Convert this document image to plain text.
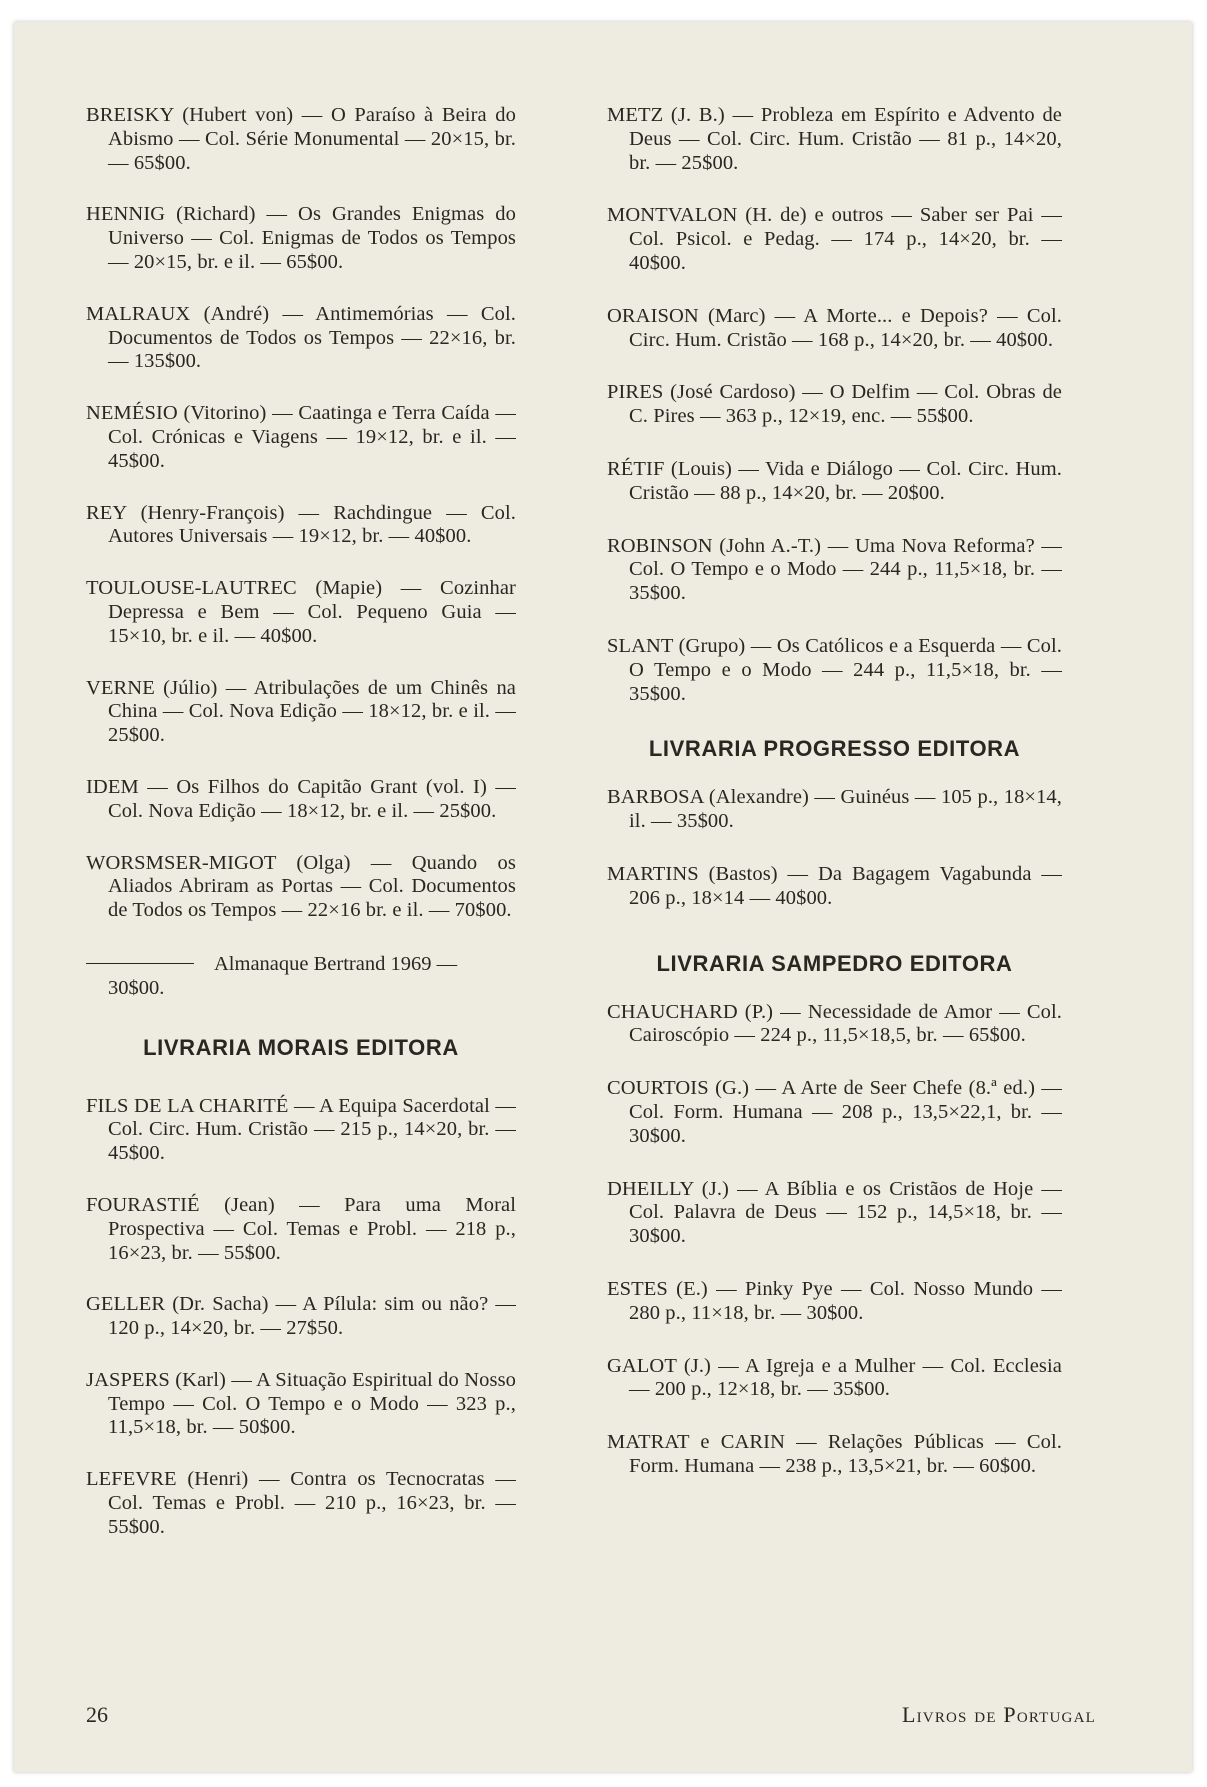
BREISKY (Hubert von) — O Paraíso à Beira do Abismo — Col. Série Monumental — 20×15, br. — 65$00.

HENNIG (Richard) — Os Grandes Enigmas do Universo — Col. Enigmas de Todos os Tempos — 20×15, br. e il. — 65$00.

MALRAUX (André) — Antimemórias — Col. Documentos de Todos os Tempos — 22×16, br. — 135$00.

NEMÉSIO (Vitorino) — Caatinga e Terra Caída — Col. Crónicas e Viagens — 19×12, br. e il. — 45$00.

REY (Henry-François) — Rachdingue — Col. Autores Universais — 19×12, br. — 40$00.

TOULOUSE-LAUTREC (Mapie) — Cozinhar Depressa e Bem — Col. Pequeno Guia — 15×10, br. e il. — 40$00.

VERNE (Júlio) — Atribulações de um Chinês na China — Col. Nova Edição — 18×12, br. e il. — 25$00.

IDEM — Os Filhos do Capitão Grant (vol. I) — Col. Nova Edição — 18×12, br. e il. — 25$00.

WORSMSER-MIGOT (Olga) — Quando os Aliados Abriram as Portas — Col. Documentos de Todos os Tempos — 22×16 br. e il. — 70$00.

Almanaque Bertrand 1969 —
30$00.
LIVRARIA MORAIS EDITORA

FILS DE LA CHARITÉ — A Equipa Sacerdotal — Col. Circ. Hum. Cristão — 215 p., 14×20, br. — 45$00.

FOURASTIÉ (Jean) — Para uma Moral Prospectiva — Col. Temas e Probl. — 218 p., 16×23, br. — 55$00.

GELLER (Dr. Sacha) — A Pílula: sim ou não? — 120 p., 14×20, br. — 27$50.

JASPERS (Karl) — A Situação Espiritual do Nosso Tempo — Col. O Tempo e o Modo — 323 p., 11,5×18, br. — 50$00.

LEFEVRE (Henri) — Contra os Tecnocratas — Col. Temas e Probl. — 210 p., 16×23, br. — 55$00.

METZ (J. B.) — Probleza em Espírito e Advento de Deus — Col. Circ. Hum. Cristão — 81 p., 14×20, br. — 25$00.

MONTVALON (H. de) e outros — Saber ser Pai — Col. Psicol. e Pedag. — 174 p., 14×20, br. — 40$00.

ORAISON (Marc) — A Morte... e Depois? — Col. Circ. Hum. Cristão — 168 p., 14×20, br. — 40$00.

PIRES (José Cardoso) — O Delfim — Col. Obras de C. Pires — 363 p., 12×19, enc. — 55$00.

RÉTIF (Louis) — Vida e Diálogo — Col. Circ. Hum. Cristão — 88 p., 14×20, br. — 20$00.

ROBINSON (John A.-T.) — Uma Nova Reforma? — Col. O Tempo e o Modo — 244 p., 11,5×18, br. — 35$00.

SLANT (Grupo) — Os Católicos e a Esquerda — Col. O Tempo e o Modo — 244 p., 11,5×18, br. — 35$00.

LIVRARIA PROGRESSO EDITORA

BARBOSA (Alexandre) — Guinéus — 105 p., 18×14, il. — 35$00.

MARTINS (Bastos) — Da Bagagem Vagabunda — 206 p., 18×14 — 40$00.

LIVRARIA SAMPEDRO EDITORA

CHAUCHARD (P.) — Necessidade de Amor — Col. Cairoscópio — 224 p., 11,5×18,5, br. — 65$00.

COURTOIS (G.) — A Arte de Seer Chefe (8.ª ed.) — Col. Form. Humana — 208 p., 13,5×22,1, br. — 30$00.

DHEILLY (J.) — A Bíblia e os Cristãos de Hoje — Col. Palavra de Deus — 152 p., 14,5×18, br. — 30$00.

ESTES (E.) — Pinky Pye — Col. Nosso Mundo — 280 p., 11×18, br. — 30$00.

GALOT (J.) — A Igreja e a Mulher — Col. Ecclesia — 200 p., 12×18, br. — 35$00.

MATRAT e CARIN — Relações Públicas — Col. Form. Humana — 238 p., 13,5×21, br. — 60$00.

26	Livros de Portugal
